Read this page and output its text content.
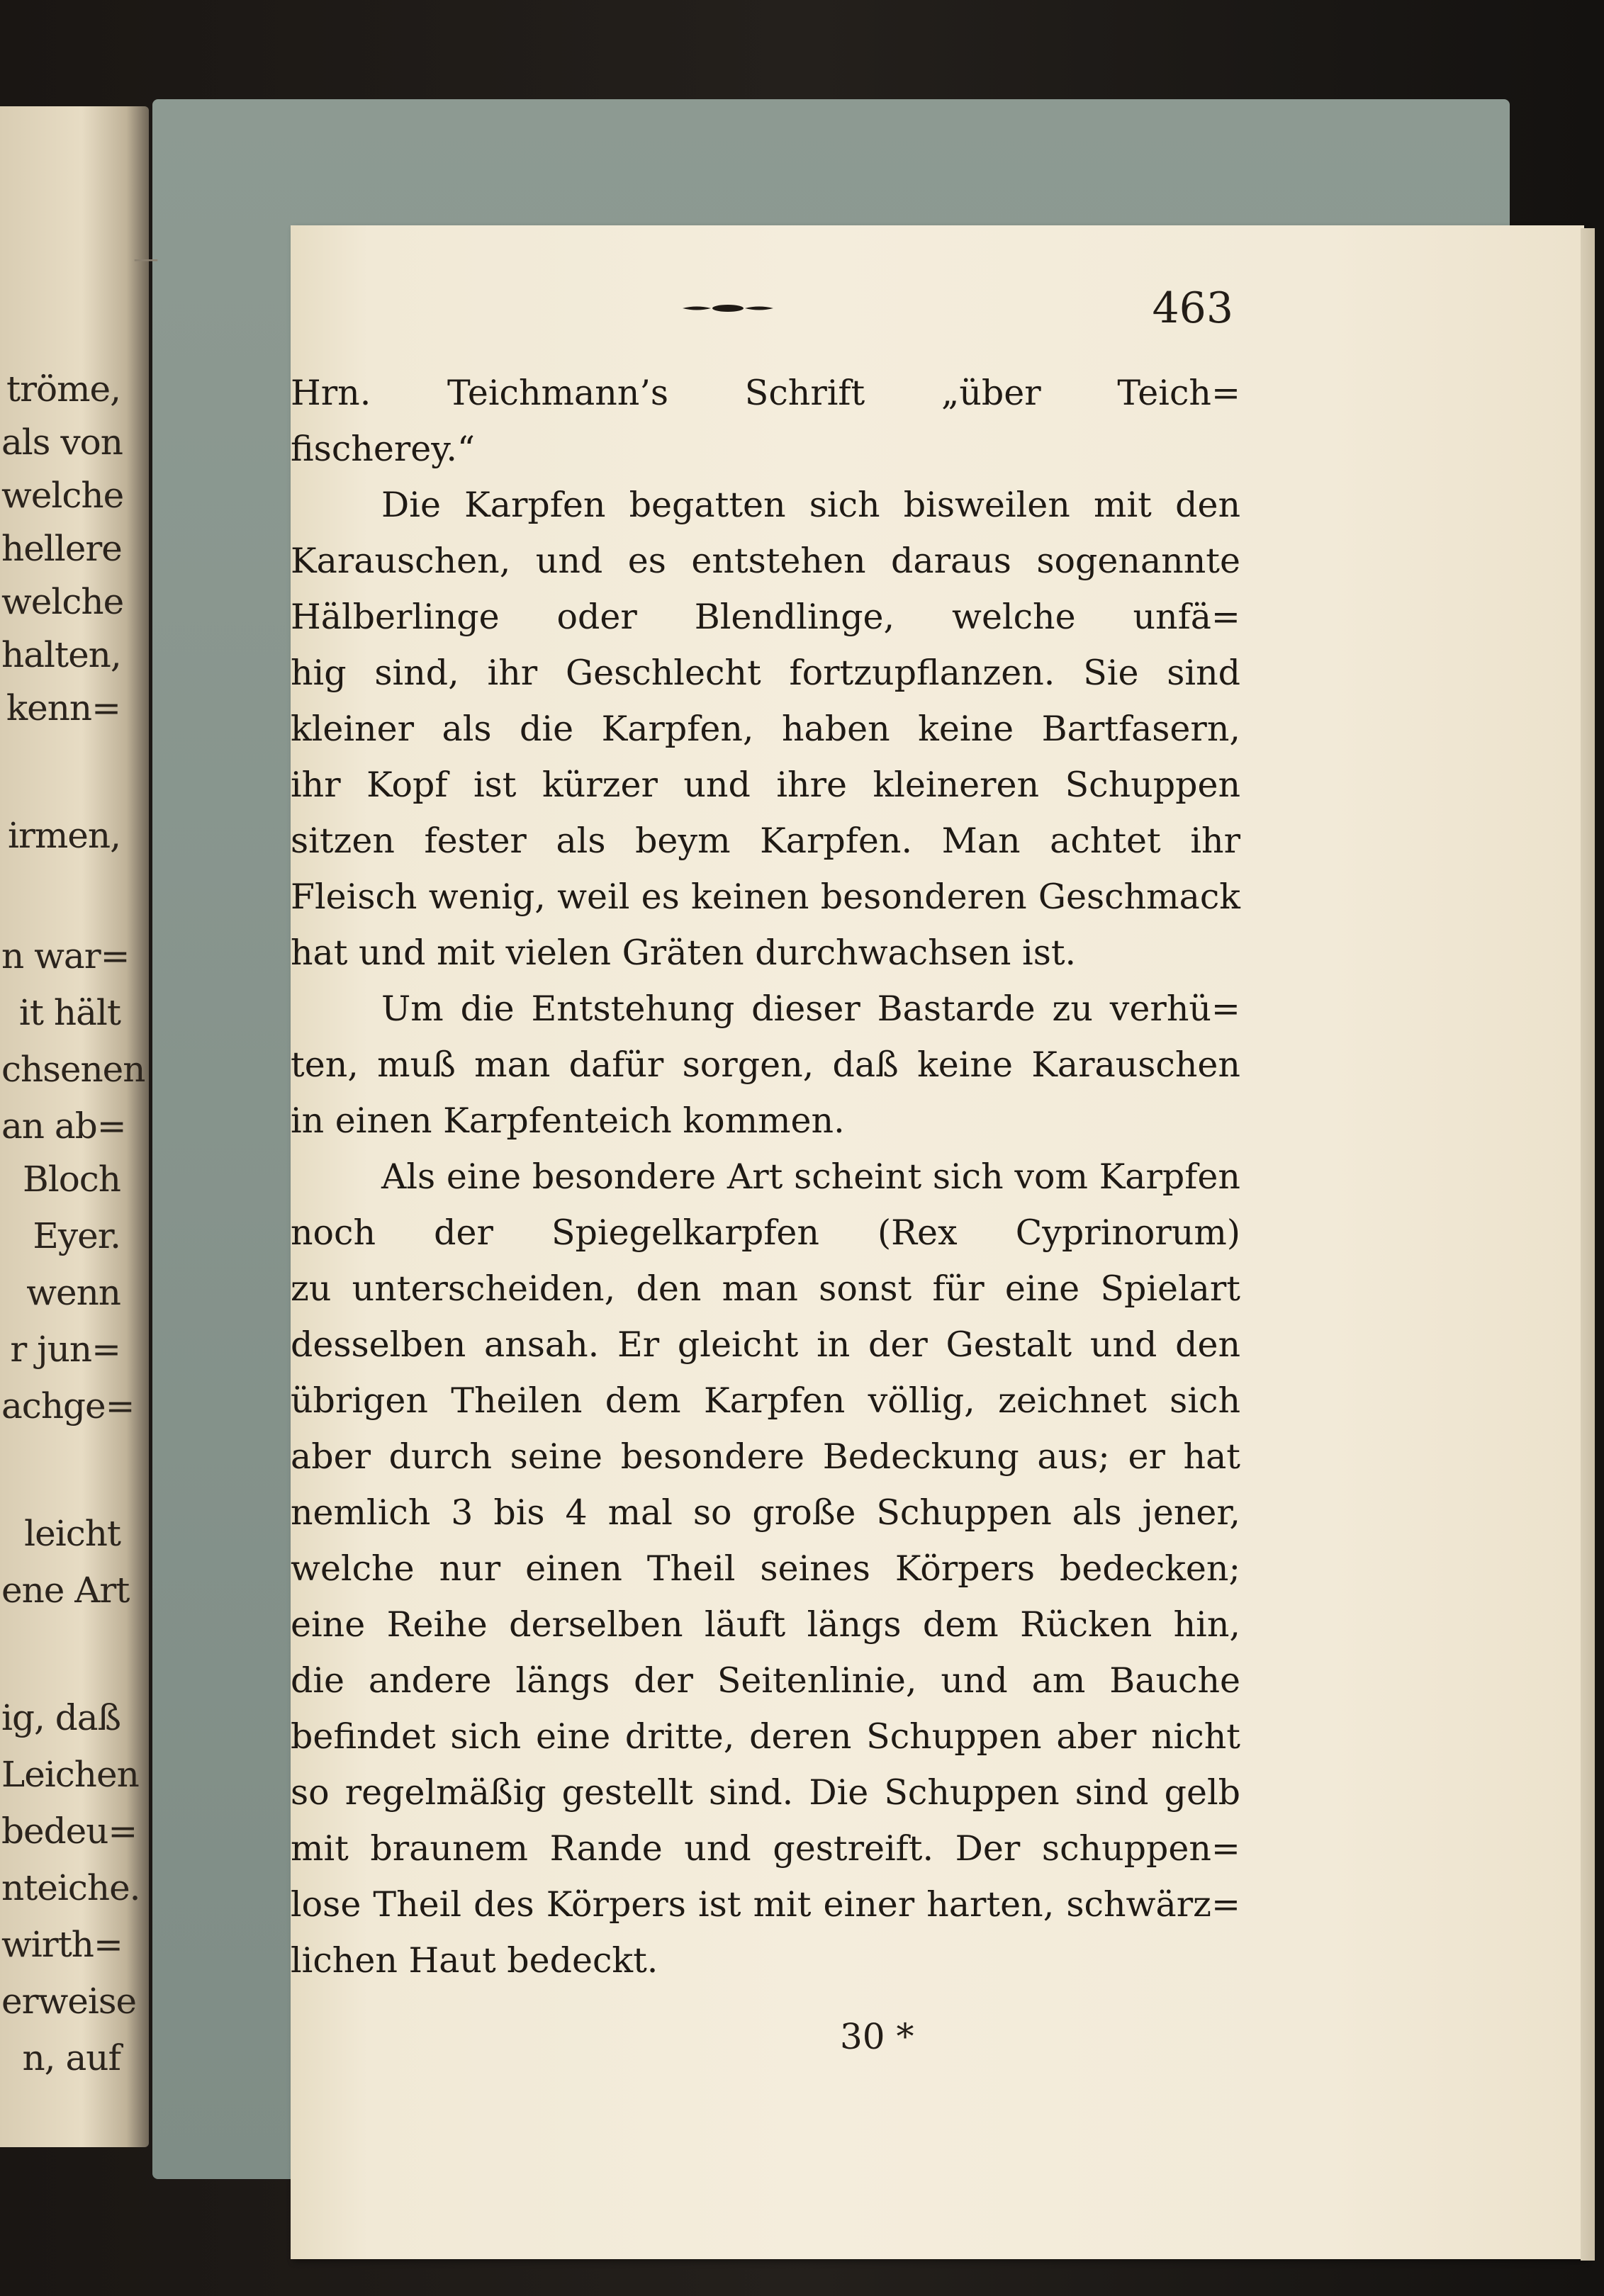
tröme,
als von
welche
hellere
welche
halten,
kenn=
irmen,
n war=
it hält
chsenen
an ab=
Bloch
Eyer.
wenn
r jun=
achge=
leicht
ene Art
ig, daß
Leichen
bedeu=
nteiche.
wirth=
erweise
n, auf
—
463
Hrn. Teichmann’s Schrift „über Teich=
fischerey.“
Die Karpfen begatten sich bisweilen mit den
Karauschen, und es entstehen daraus sogenannte
Hälberlinge oder Blendlinge, welche unfä=
hig sind, ihr Geschlecht fortzupflanzen. Sie sind
kleiner als die Karpfen, haben keine Bartfasern,
ihr Kopf ist kürzer und ihre kleineren Schuppen
sitzen fester als beym Karpfen. Man achtet ihr
Fleisch wenig, weil es keinen besonderen Geschmack
hat und mit vielen Gräten durchwachsen ist.
Um die Entstehung dieser Bastarde zu verhü=
ten, muß man dafür sorgen, daß keine Karauschen
in einen Karpfenteich kommen.
Als eine besondere Art scheint sich vom Karpfen
noch der Spiegelkarpfen (Rex Cyprinorum)
zu unterscheiden, den man sonst für eine Spielart
desselben ansah. Er gleicht in der Gestalt und den
übrigen Theilen dem Karpfen völlig, zeichnet sich
aber durch seine besondere Bedeckung aus; er hat
nemlich 3 bis 4 mal so große Schuppen als jener,
welche nur einen Theil seines Körpers bedecken;
eine Reihe derselben läuft längs dem Rücken hin,
die andere längs der Seitenlinie, und am Bauche
befindet sich eine dritte, deren Schuppen aber nicht
so regelmäßig gestellt sind. Die Schuppen sind gelb
mit braunem Rande und gestreift. Der schuppen=
lose Theil des Körpers ist mit einer harten, schwärz=
lichen Haut bedeckt.
30 *
